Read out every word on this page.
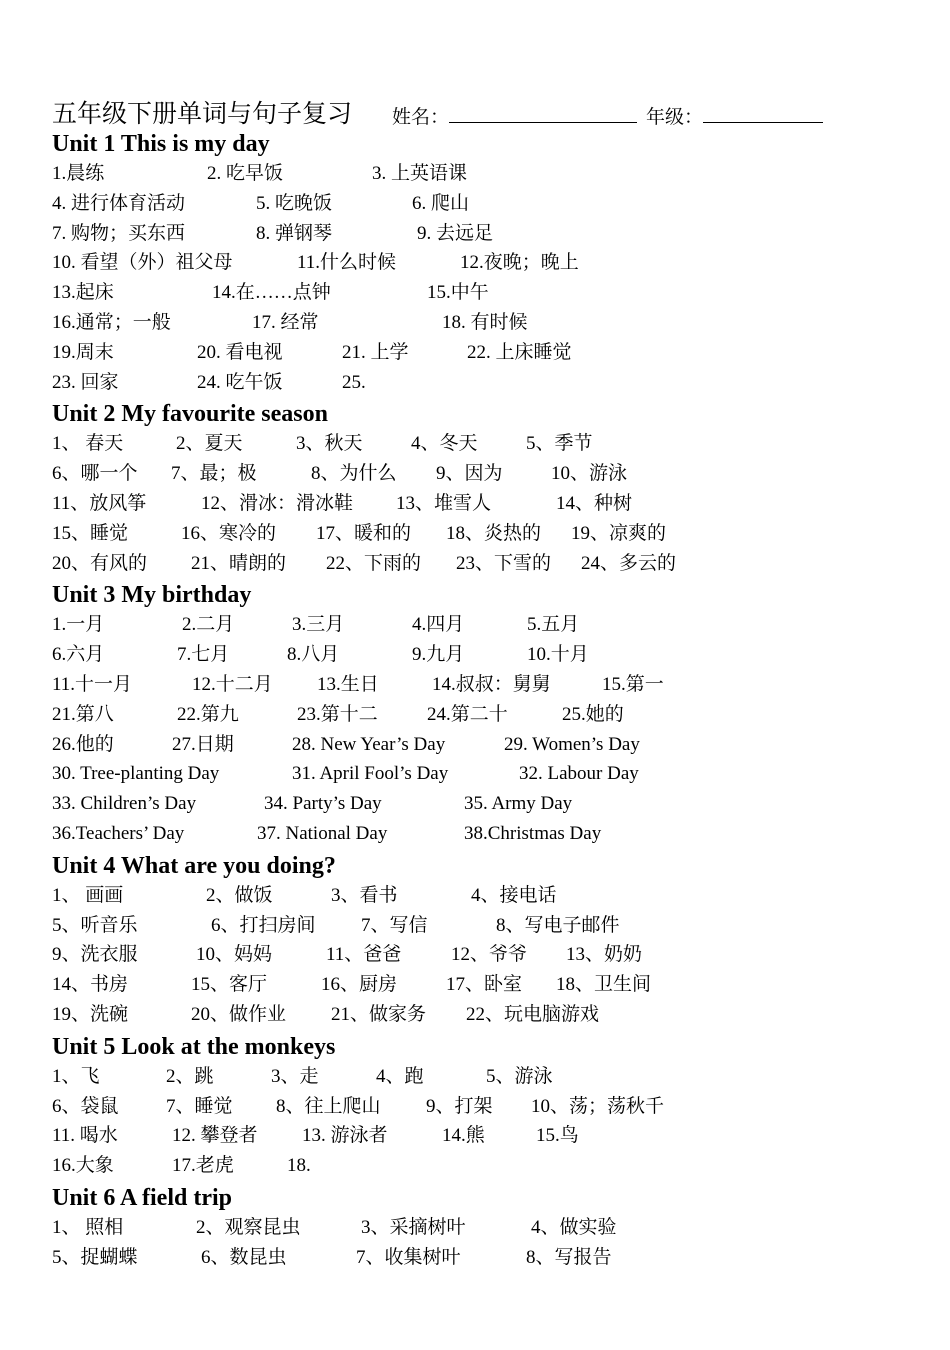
五年级下册单词与句子复习 姓名：	年级：
Unit 1 This is my day
1.晨练	2. 吃早饭	3. 上英语课
4. 进行体育活动	5. 吃晚饭	6. 爬山
7. 购物；买东西	8. 弹钢琴	9. 去远足
10. 看望（外）祖父母	11.什么时候	12.夜晚；晚上
13.起床	14.在……点钟	15.中午
16.通常；一般	17. 经常	18. 有时候
19.周末	20. 看电视	21. 上学	22. 上床睡觉
23. 回家	24. 吃午饭	25.
Unit 2 My favourite season
1、 春天	2、夏天	3、秋天	4、冬天	5、季节
6、哪一个 7、最；极	8、为什么 9、因为	10、游泳
11、放风筝	12、滑冰：滑冰鞋 13、堆雪人	14、种树
15、睡觉	16、寒冷的 17、暖和的 18、炎热的 19、凉爽的
20、有风的 21、晴朗的 22、下雨的 23、下雪的 24、多云的
Unit 3 My birthday
1.一月	2.二月	3.三月	4.四月	5.五月
6.六月	7.七月	8.八月	9.九月	10.十月
11.十一月	12.十二月 13.生日	14.叔叔：舅舅	15.第一
21.第八	22.第九	23.第十二	24.第二十	25.她的
26.他的	27.日期	28. New Year’s Day	29. Women’s Day
30. Tree-planting Day	31. April Fool’s Day	32. Labour Day
33. Children’s Day	34. Party’s Day	35. Army Day
36.Teachers’ Day	37. National Day	38.Christmas Day
Unit 4 What are you doing?
1、 画画	2、做饭	3、看书	4、接电话
5、听音乐	6、打扫房间 7、写信	8、写电子邮件
9、洗衣服	10、妈妈	11、爸爸	12、爷爷 13、奶奶
14、书房	15、客厅	16、厨房	17、卧室 18、卫生间
19、洗碗	20、做作业 21、做家务 22、玩电脑游戏
Unit 5 Look at the monkeys
1、飞	2、跳	3、走	4、跑	5、游泳
6、袋鼠 7、睡觉 8、往上爬山 9、打架 10、荡；荡秋千
11. 喝水	12. 攀登者 13. 游泳者	14.熊	15.鸟
16.大象	17.老虎	18.
Unit 6 A field trip
1、 照相	2、观察昆虫	3、采摘树叶	4、做实验
5、捉蝴蝶	6、数昆虫	7、收集树叶	8、写报告
